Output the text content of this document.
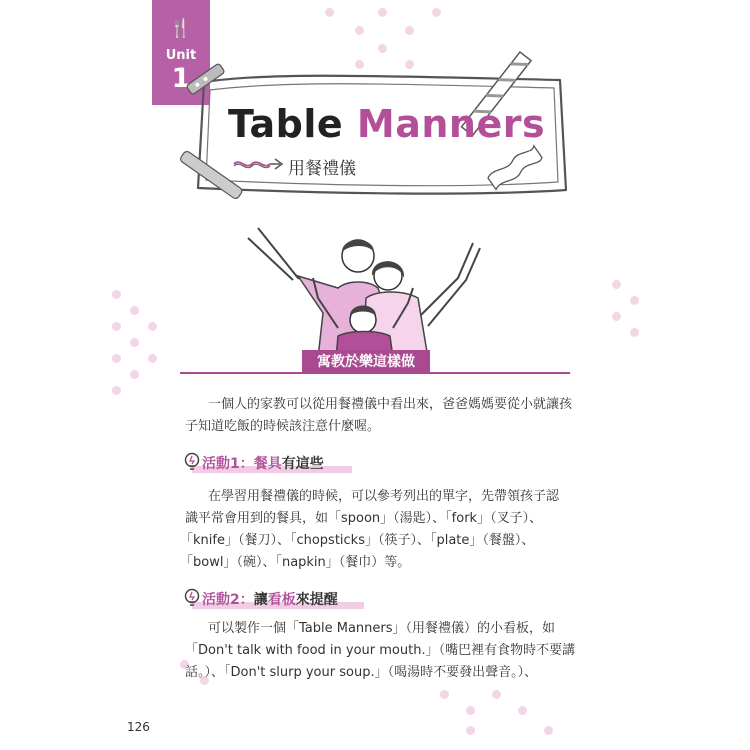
🍴
Unit
1
Table Manners
用餐禮儀
寓教於樂這樣做
一個人的家教可以從用餐禮儀中看出來，爸爸媽媽要從小就讓孩
子知道吃飯的時候該注意什麼喔。
活動1：餐具有這些
在學習用餐禮儀的時候，可以參考列出的單字，先帶領孩子認
識平常會用到的餐具，如「spoon」（湯匙）、「fork」（叉子）、
「knife」（餐刀）、「chopsticks」（筷子）、「plate」（餐盤）、
「bowl」（碗）、「napkin」（餐巾）等。
活動2：讓看板來提醒
可以製作一個「Table Manners」（用餐禮儀）的小看板，如
「Don't talk with food in your mouth.」（嘴巴裡有食物時不要講
話。）、「Don't slurp your soup.」（喝湯時不要發出聲音。）、
126
